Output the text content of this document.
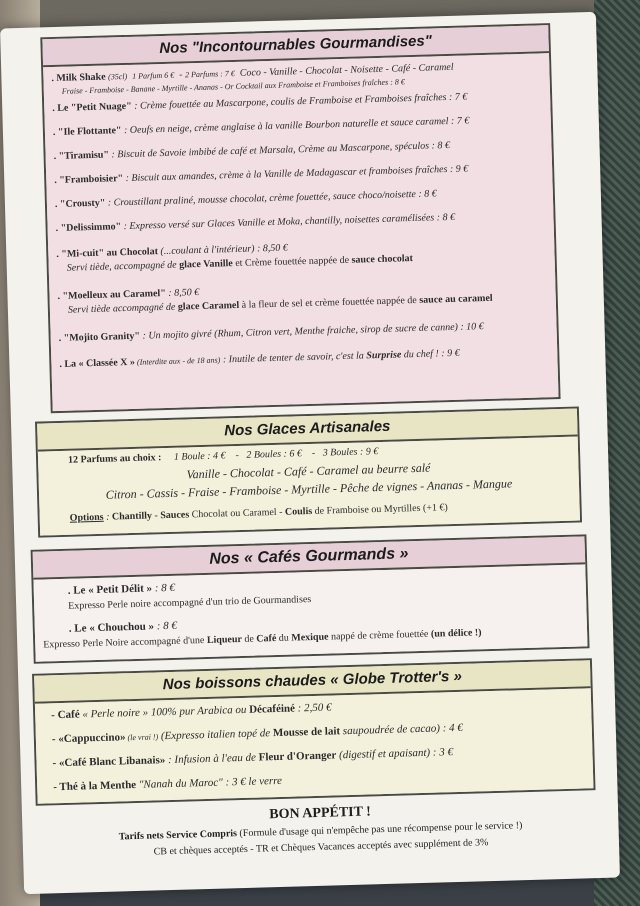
Nos "Incontournables Gourmandises"
. Milk Shake (35cl) 1 Parfum 6 €  - 2 Parfums : 7 € Coco - Vanille - Chocolat - Noisette - Café - Caramel
Fraise - Framboise - Banane - Myrtille - Ananas - Or Cocktail aux Framboise et Framboises fraîches : 8 €
. Le "Petit Nuage" : Crème fouettée au Mascarpone, coulis de Framboise et Framboises fraîches : 7 €
. "Ile Flottante" : Oeufs en neige, crème anglaise à la vanille Bourbon naturelle et sauce caramel : 7 €
. "Tiramisu" : Biscuit de Savoie imbibé de café et Marsala, Crème au Mascarpone, spéculos : 8 €
. "Framboisier" : Biscuit aux amandes, crème à la Vanille de Madagascar et framboises fraîches : 9 €
. "Crousty" : Croustillant praliné, mousse chocolat, crème fouettée, sauce choco/noisette : 8 €
. "Delissimmo" : Expresso versé sur Glaces Vanille et Moka, chantilly, noisettes caramélisées : 8 €
. "Mi-cuit" au Chocolat (...coulant à l'intérieur) : 8,50 €
Servi tiède, accompagné de glace Vanille et Crème fouettée nappée de sauce chocolat
. "Moelleux au Caramel" : 8,50 €
Servi tiède accompagné de glace Caramel à la fleur de sel et crème fouettée nappée de sauce au caramel
. "Mojito Granity" : Un mojito givré (Rhum, Citron vert, Menthe fraiche, sirop de sucre de canne) : 10 €
. La « Classée X » (Interdite aux - de 18 ans) : Inutile de tenter de savoir, c'est la Surprise du chef ! : 9 €
Nos Glaces Artisanales
12 Parfums au choix : 1 Boule : 4 €    -   2 Boules : 6 €    -   3 Boules : 9 €
Vanille - Chocolat - Café - Caramel au beurre salé
Citron - Cassis - Fraise - Framboise - Myrtille - Pêche de vignes - Ananas - Mangue
Options : Chantilly - Sauces Chocolat ou Caramel - Coulis de Framboise ou Myrtilles (+1 €)
Nos « Cafés Gourmands »
. Le « Petit Délit » : 8 €
Expresso Perle noire accompagné d'un trio de Gourmandises
. Le « Chouchou » : 8 €
Expresso Perle Noire accompagné d'une Liqueur de Café du Mexique nappé de crème fouettée (un délice !)
Nos boissons chaudes « Globe Trotter's »
- Café « Perle noire » 100% pur Arabica ou Décaféiné : 2,50 €
- «Cappuccino» (le vrai !) (Expresso italien topé de Mousse de lait saupoudrée de cacao) : 4 €
- «Café Blanc Libanais» : Infusion à l'eau de Fleur d'Oranger (digestif et apaisant) : 3 €
- Thé à la Menthe "Nanah du Maroc" : 3 € le verre
BON APPÉTIT !
Tarifs nets Service Compris (Formule d'usage qui n'empêche pas une récompense pour le service !)
CB et chèques acceptés - TR et Chèques Vacances acceptés avec supplément de 3%
